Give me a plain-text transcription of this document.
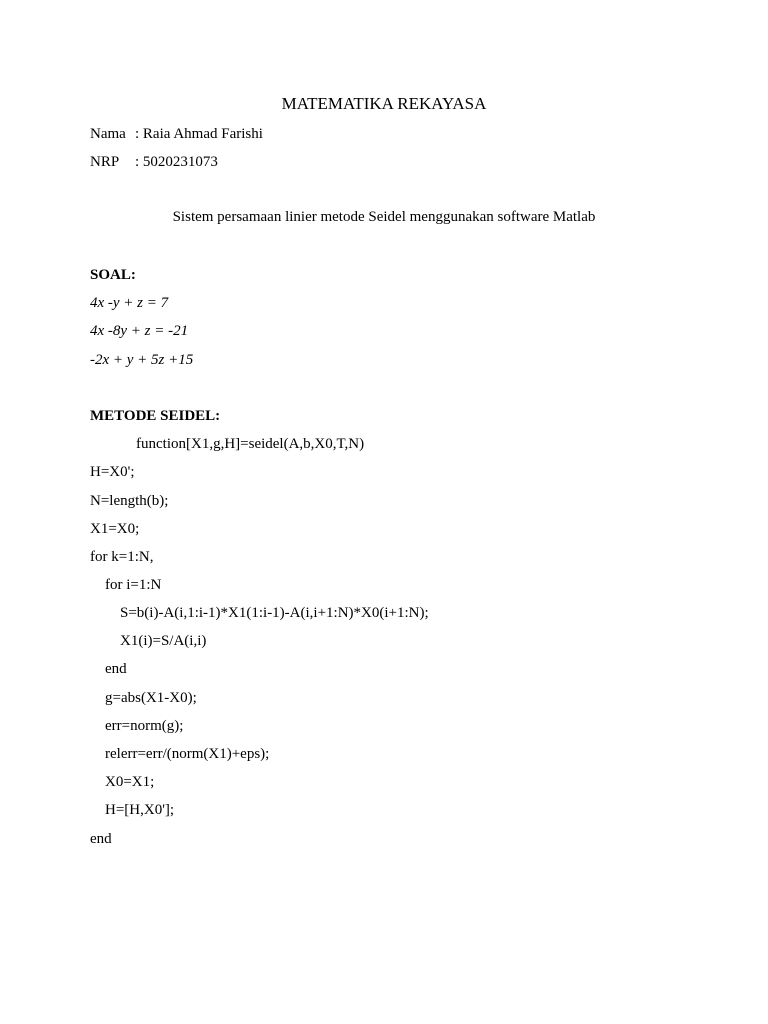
MATEMATIKA REKAYASA
Nama : Raia Ahmad Farishi
NRP : 5020231073
Sistem persamaan linier metode Seidel menggunakan software Matlab
SOAL:
4x -y + z = 7
4x -8y + z = -21
-2x + y + 5z +15
METODE SEIDEL:
function[X1,g,H]=seidel(A,b,X0,T,N)
H=X0';
N=length(b);
X1=X0;
for k=1:N,
for i=1:N
S=b(i)-A(i,1:i-1)*X1(1:i-1)-A(i,i+1:N)*X0(i+1:N);
X1(i)=S/A(i,i)
end
g=abs(X1-X0);
err=norm(g);
relerr=err/(norm(X1)+eps);
X0=X1;
H=[H,X0'];
end
